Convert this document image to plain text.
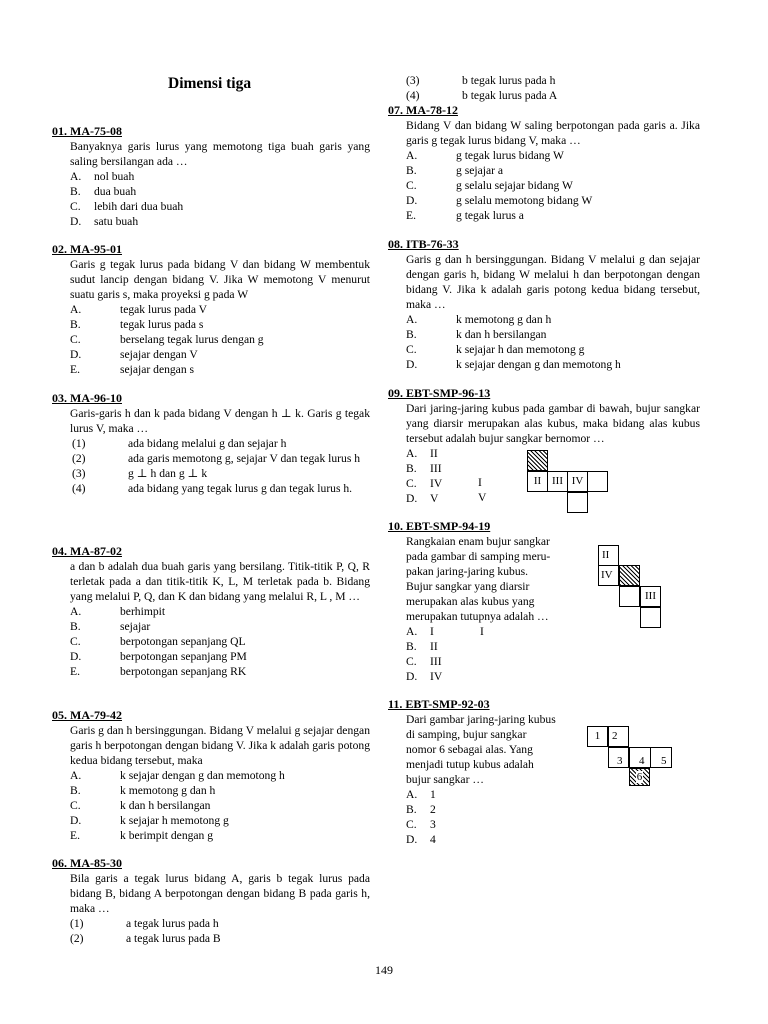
Dimensi tiga
01. MA-75-08
Banyaknya garis lurus yang memotong tiga buah garis yang saling bersilangan ada …
A.	nol buah
B.	dua buah
C.	lebih dari dua buah
D.	satu buah
02. MA-95-01
Garis g tegak lurus pada bidang V dan bidang W membentuk sudut lancip dengan bidang V. Jika W memotong V menurut suatu garis s, maka proyeksi g pada W
A.	tegak lurus pada V
B.	tegak lurus pada s
C.	berselang tegak lurus dengan g
D.	sejajar dengan V
E.	sejajar dengan s
03. MA-96-10
Garis-garis h dan k pada bidang V dengan h ⊥ k. Garis g tegak lurus V, maka …
(1)	ada bidang melalui g dan sejajar h
(2)	ada garis memotong g, sejajar V dan tegak lurus h
(3)	g ⊥ h dan g ⊥ k
(4)	ada bidang yang tegak lurus g dan tegak lurus h.
04. MA-87-02
a dan b adalah dua buah garis yang bersilang. Titik-titik P, Q, R terletak pada a dan titik-titik K, L, M terletak pada b. Bidang yang melalui P, Q, dan K dan bidang yang melalui R, L , M …
A.	berhimpit
B.	sejajar
C.	berpotongan sepanjang QL
D.	berpotongan sepanjang PM
E.	berpotongan sepanjang RK
05. MA-79-42
Garis g dan h bersinggungan. Bidang V melalui g sejajar dengan garis h berpotongan dengan bidang V. Jika k adalah garis potong kedua bidang tersebut, maka
A.	k sejajar dengan g dan memotong h
B.	k memotong g dan h
C.	k dan h bersilangan
D.	k sejajar h memotong g
E.	k berimpit dengan g
06. MA-85-30
Bila garis a tegak lurus bidang A, garis b tegak lurus pada bidang B, bidang A berpotongan dengan bidang B pada garis h, maka …
(1)	a tegak lurus pada h
(2)	a tegak lurus pada B
(3)	b tegak lurus pada h
(4)	b tegak lurus pada A
07. MA-78-12
Bidang V dan bidang W saling berpotongan pada garis a. Jika garis g tegak lurus bidang V, maka …
A.	g tegak lurus bidang W
B.	g sejajar a
C.	g selalu sejajar bidang W
D.	g selalu memotong bidang W
E.	g tegak lurus a
08. ITB-76-33
Garis g dan h bersinggungan. Bidang V melalui g dan sejajar dengan garis h, bidang W melalui h dan berpotongan dengan bidang V. Jika k adalah garis potong kedua bidang tersebut, maka …
A.	k memotong g dan h
B.	k dan h bersilangan
C.	k sejajar h dan memotong g
D.	k sejajar dengan g dan memotong h
09. EBT-SMP-96-13
Dari jaring-jaring kubus pada gambar di bawah, bujur sangkar yang diarsir merupakan alas kubus, maka bidang alas kubus tersebut adalah bujur sangkar bernomor …
A.	II
B.	III
C.	IV
D.	V
I
V
II III IV
10. EBT-SMP-94-19
Rangkaian enam bujur sangkar
pada gambar di samping meru-
pakan jaring-jaring kubus.
Bujur sangkar yang diarsir
merupakan alas kubus yang
merupakan tutupnya adalah …
A.	I
B.	II
C.	III
D.	IV
I
II
IV
III
11. EBT-SMP-92-03
Dari gambar jaring-jaring kubus
di samping, bujur sangkar
nomor 6 sebagai alas. Yang
menjadi tutup kubus adalah
bujur sangkar …
A.	1
B.	2
C.	3
D.	4
1	2
3 4 5
6
149
